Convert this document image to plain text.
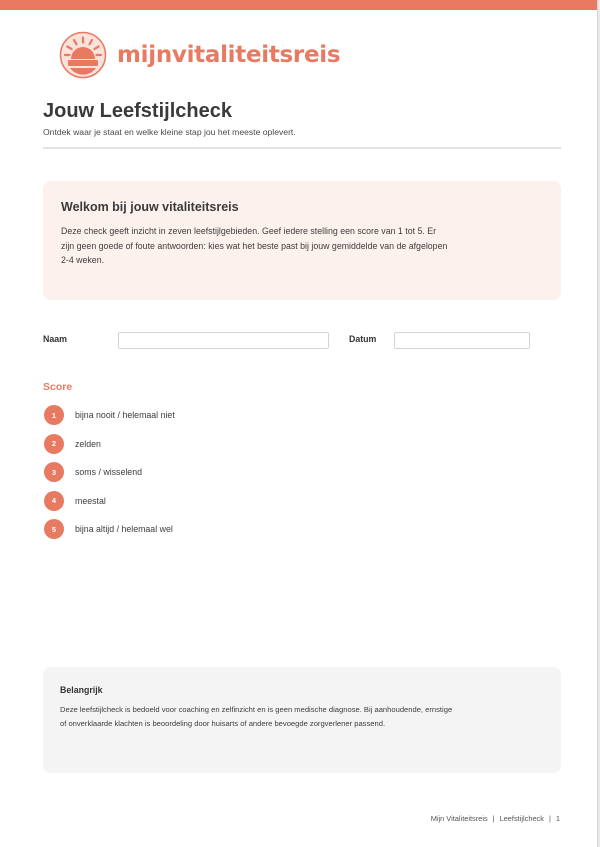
mijnvitaliteitsreis
Jouw Leefstijlcheck

Ontdek waar je staat en welke kleine stap jou het meeste oplevert.

Welkom bij jouw vitaliteitsreis

Deze check geeft inzicht in zeven leefstijlgebieden. Geef iedere stelling een score van 1 tot 5. Er zijn geen goede of foute antwoorden: kies wat het beste past bij jouw gemiddelde van de afgelopen 2-4 weken.

Naam	Datum
Score
1	bijna nooit / helemaal niet
2	zelden
3	soms / wisselend
4	meestal
5	bijna altijd / helemaal wel
Belangrijk

Deze leefstijlcheck is bedoeld voor coaching en zelfinzicht en is geen medische diagnose. Bij aanhoudende, ernstige of onverklaarde klachten is beoordeling door huisarts of andere bevoegde zorgverlener passend.

Mijn Vitaliteitsreis | Leefstijlcheck | 1
